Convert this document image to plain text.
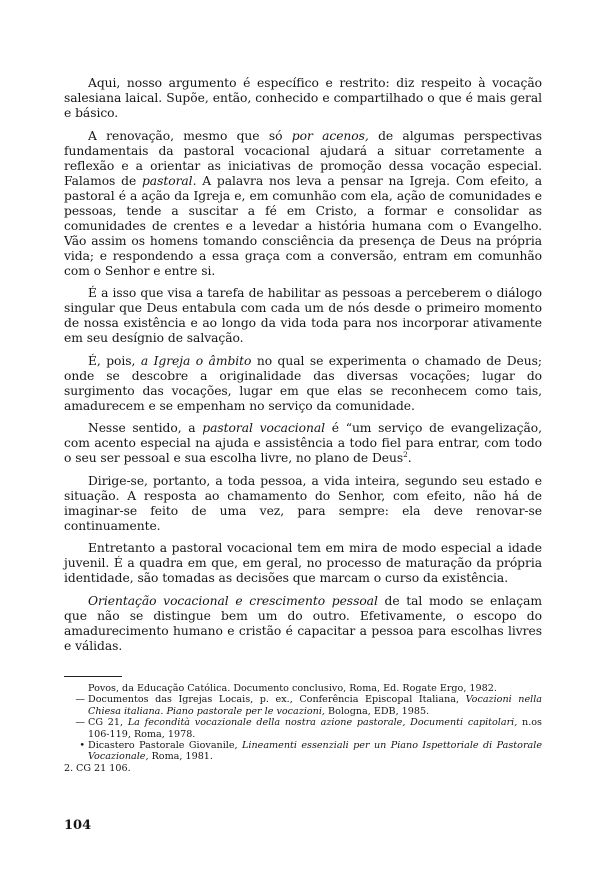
Aqui, nosso argumento é específico e restrito: diz respeito à vocação salesiana laical. Supõe, então, conhecido e compartilhado o que é mais geral e básico.

A renovação, mesmo que só por acenos, de algumas perspectivas fundamentais da pastoral vocacional ajudará a situar corretamente a reflexão e a orientar as iniciativas de promoção dessa vocação especial. Falamos de pastoral. A palavra nos leva a pensar na Igreja. Com efeito, a pastoral é a ação da Igreja e, em comunhão com ela, ação de comunidades e pessoas, tende a suscitar a fé em Cristo, a formar e consolidar as comunidades de crentes e a levedar a história humana com o Evangelho. Vão assim os homens tomando consciência da presença de Deus na própria vida; e respondendo a essa graça com a conversão, entram em comunhão com o Senhor e entre si.

É a isso que visa a tarefa de habilitar as pessoas a perceberem o diálogo singular que Deus entabula com cada um de nós desde o primeiro momento de nossa existência e ao longo da vida toda para nos incorporar ativamente em seu desígnio de salvação.

É, pois, a Igreja o âmbito no qual se experimenta o chamado de Deus; onde se descobre a originalidade das diversas vocações; lugar do surgimento das vocações, lugar em que elas se reconhecem como tais, amadurecem e se empenham no serviço da comunidade.

Nesse sentido, a pastoral vocacional é “um serviço de evangelização, com acento especial na ajuda e assistência a todo fiel para entrar, com todo o seu ser pessoal e sua escolha livre, no plano de Deus$^2$.

Dirige-se, portanto, a toda pessoa, a vida inteira, segundo seu estado e situação. A resposta ao chamamento do Senhor, com efeito, não há de imaginar-se feito de uma vez, para sempre: ela deve renovar-se continuamente.

Entretanto a pastoral vocacional tem em mira de modo especial a idade juvenil. É a quadra em que, em geral, no processo de maturação da própria identidade, são tomadas as decisões que marcam o curso da existência.

Orientação vocacional e crescimento pessoal de tal modo se enlaçam que não se distingue bem um do outro. Efetivamente, o escopo do amadurecimento humano e cristão é capacitar a pessoa para escolhas livres e válidas.

Povos, da Educação Católica. Documento conclusivo, Roma, Ed. Rogate Ergo, 1982.
— Documentos das Igrejas Locais, p. ex., Conferência Episcopal Italiana, Vocazioni nella Chiesa italiana. Piano pastorale per le vocazioni, Bologna, EDB, 1985.
— CG 21, La fecondità vocazionale della nostra azione pastorale, Documenti capitolari, n.os 106-119, Roma, 1978.
• Dicastero Pastorale Giovanile, Lineamenti essenziali per un Piano Ispettoriale di Pastorale Vocazionale, Roma, 1981.
2. CG 21 106.
104
